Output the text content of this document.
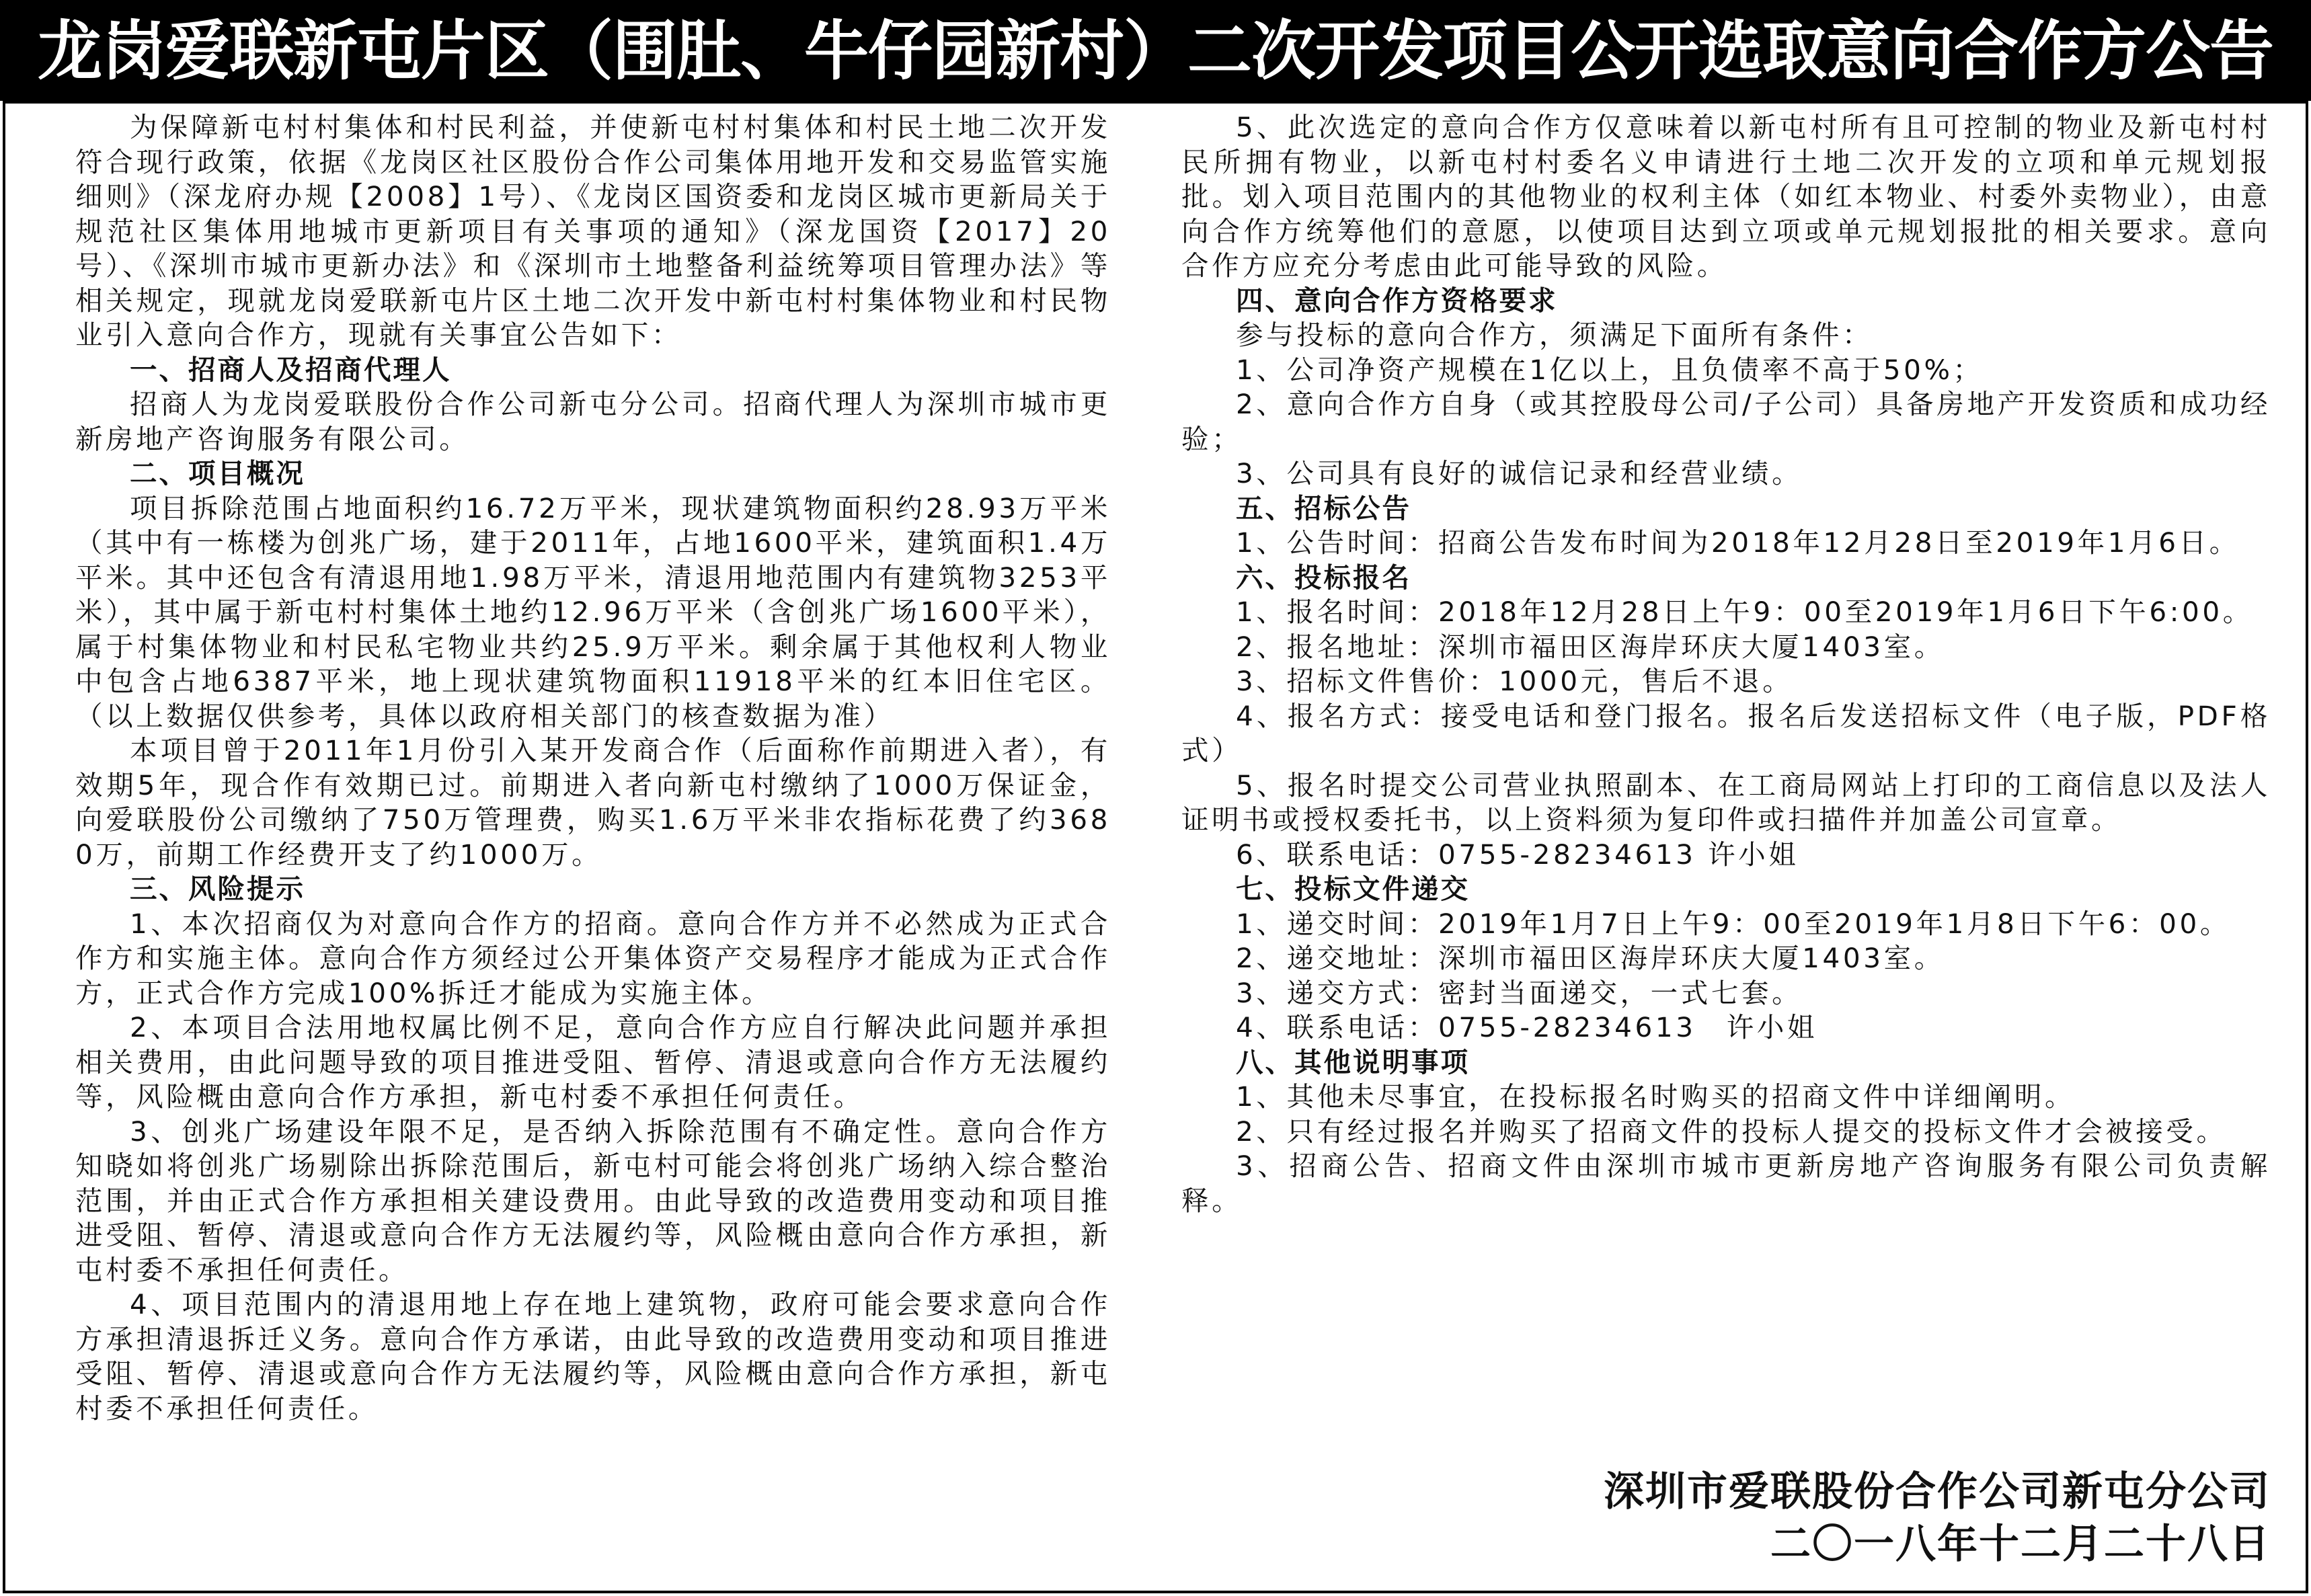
龙岗爱联新屯片区（围肚、牛仔园新村）二次开发项目公开选取意向合作方公告

为保障新屯村村集体和村民利益，并使新屯村村集体和村民土地二次开发符合现行政策，依据《龙岗区社区股份合作公司集体用地开发和交易监管实施细则》（深龙府办规【2008】1号）、《龙岗区国资委和龙岗区城市更新局关于规范社区集体用地城市更新项目有关事项的通知》（深龙国资【2017】20号）、《深圳市城市更新办法》和《深圳市土地整备利益统筹项目管理办法》等相关规定，现就龙岗爱联新屯片区土地二次开发中新屯村村集体物业和村民物业引入意向合作方，现就有关事宜公告如下：

一、招商人及招商代理人

招商人为龙岗爱联股份合作公司新屯分公司。招商代理人为深圳市城市更新房地产咨询服务有限公司。

二、项目概况

项目拆除范围占地面积约16.72万平米，现状建筑物面积约28.93万平米（其中有一栋楼为创兆广场，建于2011年，占地1600平米，建筑面积1.4万平米。其中还包含有清退用地1.98万平米，清退用地范围内有建筑物3253平米），其中属于新屯村村集体土地约12.96万平米（含创兆广场1600平米），属于村集体物业和村民私宅物业共约25.9万平米。剩余属于其他权利人物业中包含占地6387平米，地上现状建筑物面积11918平米的红本旧住宅区。（以上数据仅供参考，具体以政府相关部门的核查数据为准）

本项目曾于2011年1月份引入某开发商合作（后面称作前期进入者），有效期5年，现合作有效期已过。前期进入者向新屯村缴纳了1000万保证金，向爱联股份公司缴纳了750万管理费，购买1.6万平米非农指标花费了约3680万，前期工作经费开支了约1000万。

三、风险提示

1、本次招商仅为对意向合作方的招商。意向合作方并不必然成为正式合作方和实施主体。意向合作方须经过公开集体资产交易程序才能成为正式合作方，正式合作方完成100%拆迁才能成为实施主体。

2、本项目合法用地权属比例不足，意向合作方应自行解决此问题并承担相关费用，由此问题导致的项目推进受阻、暂停、清退或意向合作方无法履约等，风险概由意向合作方承担，新屯村委不承担任何责任。

3、创兆广场建设年限不足，是否纳入拆除范围有不确定性。意向合作方知晓如将创兆广场剔除出拆除范围后，新屯村可能会将创兆广场纳入综合整治范围，并由正式合作方承担相关建设费用。由此导致的改造费用变动和项目推进受阻、暂停、清退或意向合作方无法履约等，风险概由意向合作方承担，新屯村委不承担任何责任。

4、项目范围内的清退用地上存在地上建筑物，政府可能会要求意向合作方承担清退拆迁义务。意向合作方承诺，由此导致的改造费用变动和项目推进受阻、暂停、清退或意向合作方无法履约等，风险概由意向合作方承担，新屯村委不承担任何责任。

5、此次选定的意向合作方仅意味着以新屯村所有且可控制的物业及新屯村村民所拥有物业，以新屯村村委名义申请进行土地二次开发的立项和单元规划报批。划入项目范围内的其他物业的权利主体（如红本物业、村委外卖物业），由意向合作方统筹他们的意愿，以使项目达到立项或单元规划报批的相关要求。意向合作方应充分考虑由此可能导致的风险。

四、意向合作方资格要求

参与投标的意向合作方，须满足下面所有条件：

1、公司净资产规模在1亿以上，且负债率不高于50%；

2、意向合作方自身（或其控股母公司/子公司）具备房地产开发资质和成功经验；

3、公司具有良好的诚信记录和经营业绩。

五、招标公告

1、公告时间：招商公告发布时间为2018年12月28日至2019年1月6日。

六、投标报名

1、报名时间：2018年12月28日上午9：00至2019年1月6日下午6:00。

2、报名地址：深圳市福田区海岸环庆大厦1403室。

3、招标文件售价：1000元，售后不退。

4、报名方式：接受电话和登门报名。报名后发送招标文件（电子版，PDF格式）

5、报名时提交公司营业执照副本、在工商局网站上打印的工商信息以及法人证明书或授权委托书，以上资料须为复印件或扫描件并加盖公司宣章。

6、联系电话：0755-28234613 许小姐

七、投标文件递交

1、递交时间：2019年1月7日上午9：00至2019年1月8日下午6：00。

2、递交地址：深圳市福田区海岸环庆大厦1403室。

3、递交方式：密封当面递交，一式七套。

4、联系电话：0755-28234613　许小姐

八、其他说明事项

1、其他未尽事宜，在投标报名时购买的招商文件中详细阐明。

2、只有经过报名并购买了招商文件的投标人提交的投标文件才会被接受。

3、招商公告、招商文件由深圳市城市更新房地产咨询服务有限公司负责解释。

深圳市爱联股份合作公司新屯分公司
二〇一八年十二月二十八日
